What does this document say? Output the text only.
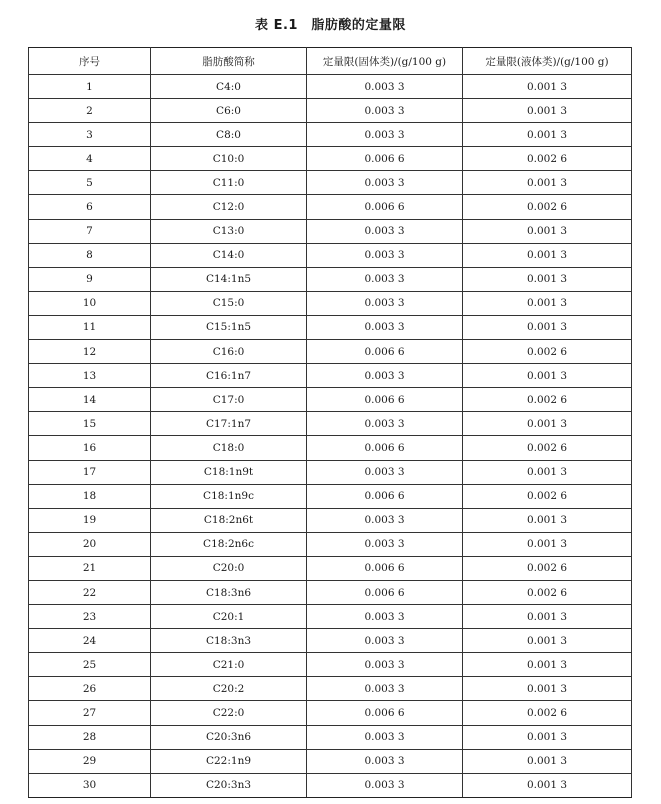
表 E.1　脂肪酸的定量限
序号	脂肪酸简称	定量限(固体类)/(g/100 g)	定量限(液体类)/(g/100 g)
1	C4:0	0.003 3	0.001 3
2	C6:0	0.003 3	0.001 3
3	C8:0	0.003 3	0.001 3
4	C10:0	0.006 6	0.002 6
5	C11:0	0.003 3	0.001 3
6	C12:0	0.006 6	0.002 6
7	C13:0	0.003 3	0.001 3
8	C14:0	0.003 3	0.001 3
9	C14:1n5	0.003 3	0.001 3
10	C15:0	0.003 3	0.001 3
11	C15:1n5	0.003 3	0.001 3
12	C16:0	0.006 6	0.002 6
13	C16:1n7	0.003 3	0.001 3
14	C17:0	0.006 6	0.002 6
15	C17:1n7	0.003 3	0.001 3
16	C18:0	0.006 6	0.002 6
17	C18:1n9t	0.003 3	0.001 3
18	C18:1n9c	0.006 6	0.002 6
19	C18:2n6t	0.003 3	0.001 3
20	C18:2n6c	0.003 3	0.001 3
21	C20:0	0.006 6	0.002 6
22	C18:3n6	0.006 6	0.002 6
23	C20:1	0.003 3	0.001 3
24	C18:3n3	0.003 3	0.001 3
25	C21:0	0.003 3	0.001 3
26	C20:2	0.003 3	0.001 3
27	C22:0	0.006 6	0.002 6
28	C20:3n6	0.003 3	0.001 3
29	C22:1n9	0.003 3	0.001 3
30	C20:3n3	0.003 3	0.001 3
